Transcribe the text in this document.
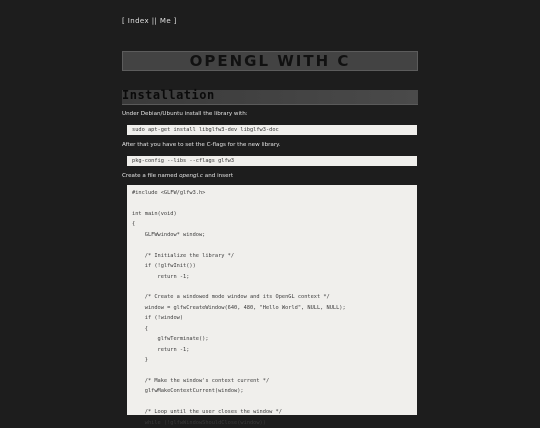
[ Index || Me ]
OPENGL WITH C
Installation
Under Debian/Ubuntu install the library with:
sudo apt-get install libglfw3-dev libglfw3-doc
After that you have to set the C-flags for the new library.
pkg-config --libs --cflags glfw3
Create a file named opengl.c and insert
#include <GLFW/glfw3.h>
int main(void)
{
GLFWwindow* window;
/* Initialize the library */
if (!glfwInit())
return -1;
/* Create a windowed mode window and its OpenGL context */
window = glfwCreateWindow(640, 480, "Hello World", NULL, NULL);
if (!window)
{
glfwTerminate();
return -1;
}
/* Make the window's context current */
glfwMakeContextCurrent(window);
/* Loop until the user closes the window */
while (!glfwWindowShouldClose(window))
